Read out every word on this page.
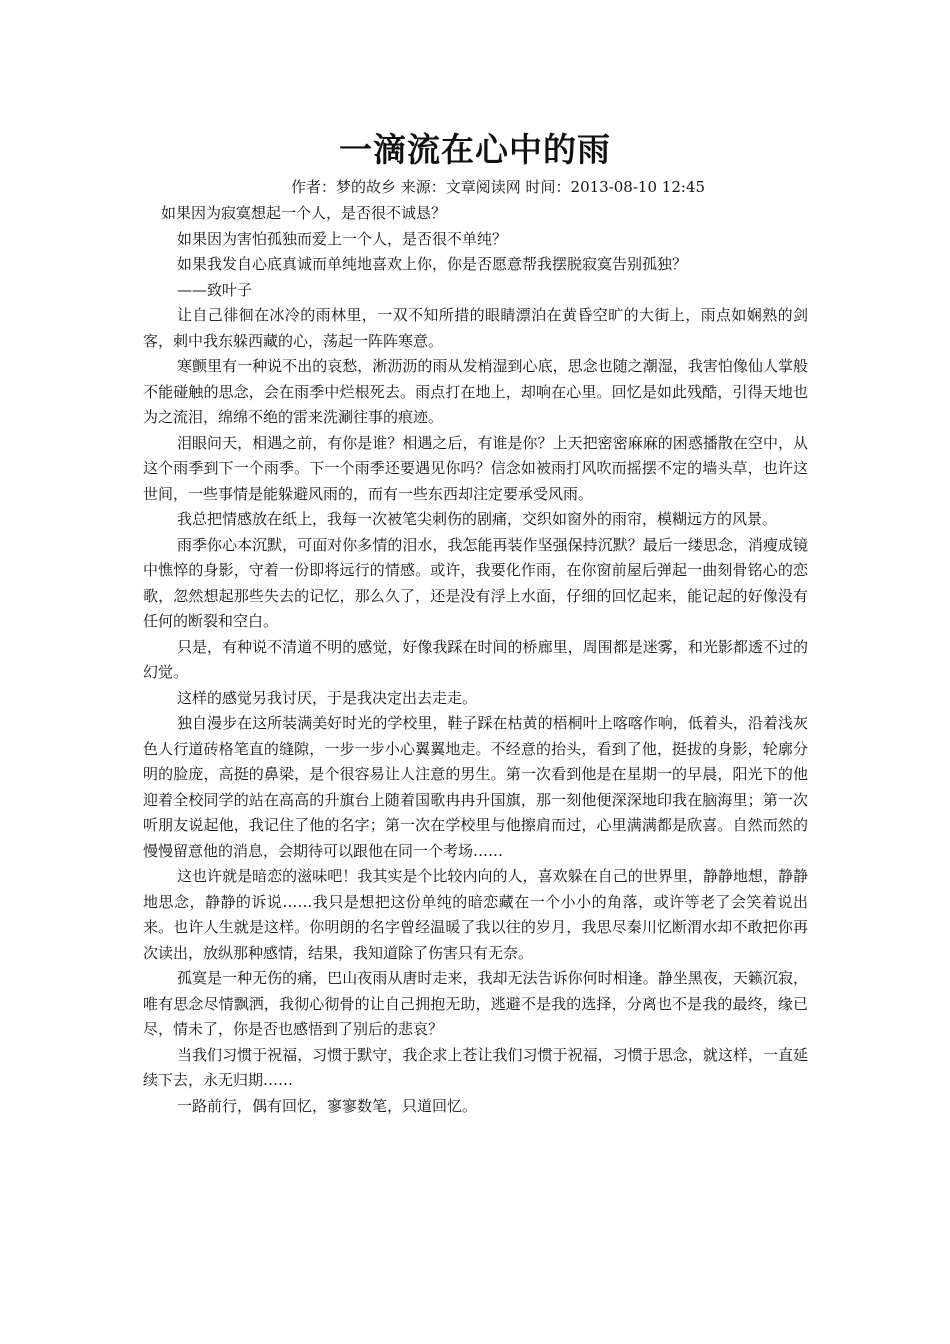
一滴流在心中的雨
作者：梦的故乡 来源：文章阅读网 时间：2013-08-10 12:45

如果因为寂寞想起一个人，是否很不诚恳？

如果因为害怕孤独而爱上一个人，是否很不单纯？

如果我发自心底真诚而单纯地喜欢上你，你是否愿意帮我摆脱寂寞告别孤独？

——致叶子

让自己徘徊在冰冷的雨林里，一双不知所措的眼睛漂泊在黄昏空旷的大街上，雨点如娴熟的剑客，刺中我东躲西藏的心，荡起一阵阵寒意。

寒颤里有一种说不出的哀愁，淅沥沥的雨从发梢湿到心底，思念也随之潮湿，我害怕像仙人掌般不能碰触的思念，会在雨季中烂根死去。雨点打在地上，却响在心里。回忆是如此残酷，引得天地也为之流泪，绵绵不绝的雷来洗涮往事的痕迹。

泪眼问天，相遇之前，有你是谁？相遇之后，有谁是你？上天把密密麻麻的困惑播散在空中，从这个雨季到下一个雨季。下一个雨季还要遇见你吗？信念如被雨打风吹而摇摆不定的墙头草，也许这世间，一些事情是能躲避风雨的，而有一些东西却注定要承受风雨。

我总把情感放在纸上，我每一次被笔尖刺伤的剧痛，交织如窗外的雨帘，模糊远方的风景。

雨季你心本沉默，可面对你多情的泪水，我怎能再装作坚强保持沉默？最后一缕思念，消瘦成镜中憔悴的身影，守着一份即将远行的情感。或许，我要化作雨，在你窗前屋后弹起一曲刻骨铭心的恋歌，忽然想起那些失去的记忆，那么久了，还是没有浮上水面，仔细的回忆起来，能记起的好像没有任何的断裂和空白。

只是，有种说不清道不明的感觉，好像我踩在时间的桥廊里，周围都是迷雾，和光影都透不过的幻觉。

这样的感觉另我讨厌，于是我决定出去走走。

独自漫步在这所装满美好时光的学校里，鞋子踩在枯黄的梧桐叶上喀喀作响，低着头，沿着浅灰色人行道砖格笔直的缝隙，一步一步小心翼翼地走。不经意的抬头，看到了他，挺拔的身影，轮廓分明的脸庞，高挺的鼻梁，是个很容易让人注意的男生。第一次看到他是在星期一的早晨，阳光下的他迎着全校同学的站在高高的升旗台上随着国歌冉冉升国旗，那一刻他便深深地印我在脑海里；第一次听朋友说起他，我记住了他的名字；第一次在学校里与他擦肩而过，心里满满都是欣喜。自然而然的慢慢留意他的消息，会期待可以跟他在同一个考场……

这也许就是暗恋的滋味吧！我其实是个比较内向的人，喜欢躲在自己的世界里，静静地想，静静地思念，静静的诉说……我只是想把这份单纯的暗恋藏在一个小小的角落，或许等老了会笑着说出来。也许人生就是这样。你明朗的名字曾经温暖了我以往的岁月，我思尽秦川忆断渭水却不敢把你再次读出，放纵那种感情，结果，我知道除了伤害只有无奈。

孤寞是一种无伤的痛，巴山夜雨从唐时走来，我却无法告诉你何时相逢。静坐黑夜，天籁沉寂，唯有思念尽情飘洒，我彻心彻骨的让自己拥抱无助，逃避不是我的选择，分离也不是我的最终，缘已尽，情未了，你是否也感悟到了别后的悲哀？

当我们习惯于祝福，习惯于默守，我企求上苍让我们习惯于祝福，习惯于思念，就这样，一直延续下去，永无归期……

一路前行，偶有回忆，寥寥数笔，只道回忆。
